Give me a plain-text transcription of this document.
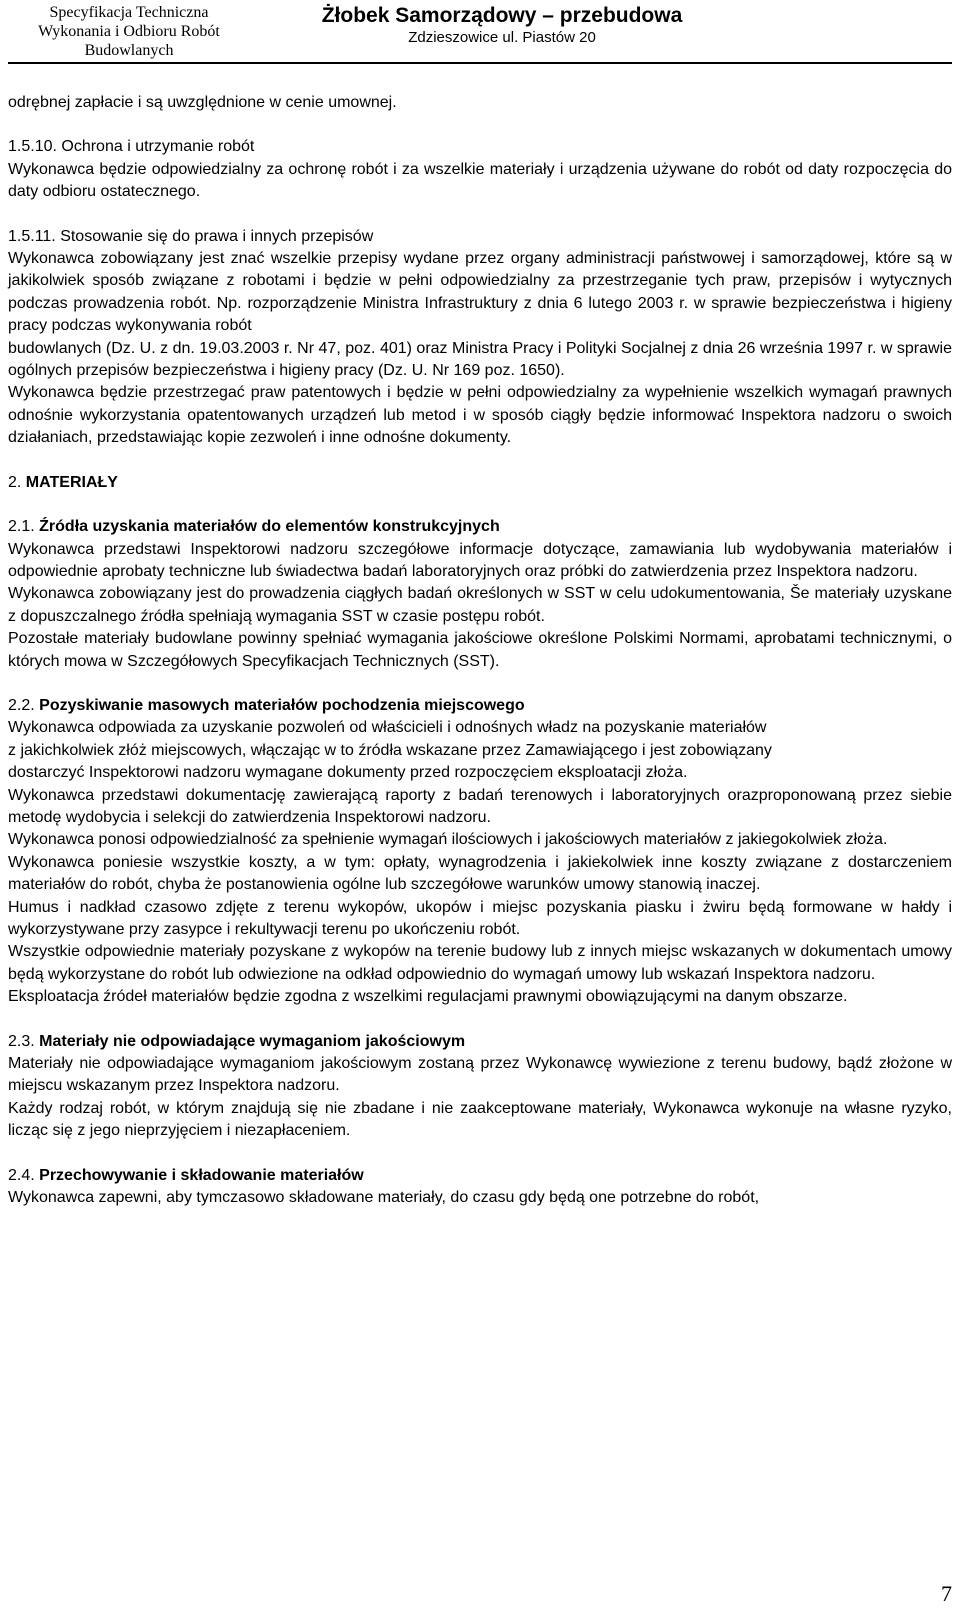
Specyfikacja Techniczna
Wykonania i Odbioru Robót
Budowlanych
Żłobek Samorządowy – przebudowa
Zdzieszowice ul. Piastów 20

odrębnej zapłacie i są uwzględnione w cenie umownej.

1.5.10. Ochrona i utrzymanie robót

Wykonawca będzie odpowiedzialny za ochronę robót i za wszelkie materiały i urządzenia używane do robót od daty rozpoczęcia do daty odbioru ostatecznego.

1.5.11. Stosowanie się do prawa i innych przepisów

Wykonawca zobowiązany jest znać wszelkie przepisy wydane przez organy administracji państwowej i samorządowej, które są w jakikolwiek sposób związane z robotami i będzie w pełni odpowiedzialny za przestrzeganie tych praw, przepisów i wytycznych podczas prowadzenia robót. Np. rozporządzenie Ministra Infrastruktury z dnia 6 lutego 2003 r. w sprawie bezpieczeństwa i higieny pracy podczas wykonywania robót

budowlanych (Dz. U. z dn. 19.03.2003 r. Nr 47, poz. 401) oraz Ministra Pracy i Polityki Socjalnej z dnia 26 września 1997 r. w sprawie ogólnych przepisów bezpieczeństwa i higieny pracy (Dz. U. Nr 169 poz. 1650).

Wykonawca będzie przestrzegać praw patentowych i będzie w pełni odpowiedzialny za wypełnienie wszelkich wymagań prawnych odnośnie wykorzystania opatentowanych urządzeń lub metod i w sposób ciągły będzie informować Inspektora nadzoru o swoich działaniach, przedstawiając kopie zezwoleń i inne odnośne dokumenty.

2. MATERIAŁY

2.1. Źródła uzyskania materiałów do elementów konstrukcyjnych

Wykonawca przedstawi Inspektorowi nadzoru szczegółowe informacje dotyczące, zamawiania lub wydobywania materiałów i odpowiednie aprobaty techniczne lub świadectwa badań laboratoryjnych oraz próbki do zatwierdzenia przez Inspektora nadzoru.

Wykonawca zobowiązany jest do prowadzenia ciągłych badań określonych w SST w celu udokumentowania, Še materiały uzyskane z dopuszczalnego źródła spełniają wymagania SST w czasie postępu robót.

Pozostałe materiały budowlane powinny spełniać wymagania jakościowe określone Polskimi Normami, aprobatami technicznymi, o których mowa w Szczegółowych Specyfikacjach Technicznych (SST).

2.2. Pozyskiwanie masowych materiałów pochodzenia miejscowego

Wykonawca odpowiada za uzyskanie pozwoleń od właścicieli i odnośnych władz na pozyskanie materiałów

z jakichkolwiek złóż miejscowych, włączając w to źródła wskazane przez Zamawiającego i jest zobowiązany

dostarczyć Inspektorowi nadzoru wymagane dokumenty przed rozpoczęciem eksploatacji złoża.

Wykonawca przedstawi dokumentację zawierającą raporty z badań terenowych i laboratoryjnych orazproponowaną przez siebie metodę wydobycia i selekcji do zatwierdzenia Inspektorowi nadzoru.

Wykonawca ponosi odpowiedzialność za spełnienie wymagań ilościowych i jakościowych materiałów z jakiegokolwiek złoża.

Wykonawca poniesie wszystkie koszty, a w tym: opłaty, wynagrodzenia i jakiekolwiek inne koszty związane z dostarczeniem materiałów do robót, chyba że postanowienia ogólne lub szczegółowe warunków umowy stanowią inaczej.

Humus i nadkład czasowo zdjęte z terenu wykopów, ukopów i miejsc pozyskania piasku i żwiru będą formowane w hałdy i wykorzystywane przy zasypce i rekultywacji terenu po ukończeniu robót.

Wszystkie odpowiednie materiały pozyskane z wykopów na terenie budowy lub z innych miejsc wskazanych w dokumentach umowy będą wykorzystane do robót lub odwiezione na odkład odpowiednio do wymagań umowy lub wskazań Inspektora nadzoru.

Eksploatacja źródeł materiałów będzie zgodna z wszelkimi regulacjami prawnymi obowiązującymi na danym obszarze.

2.3. Materiały nie odpowiadające wymaganiom jakościowym

Materiały nie odpowiadające wymaganiom jakościowym zostaną przez Wykonawcę wywiezione z terenu budowy, bądź złożone w miejscu wskazanym przez Inspektora nadzoru.

Każdy rodzaj robót, w którym znajdują się nie zbadane i nie zaakceptowane materiały, Wykonawca wykonuje na własne ryzyko, licząc się z jego nieprzyjęciem i niezapłaceniem.

2.4. Przechowywanie i składowanie materiałów

Wykonawca zapewni, aby tymczasowo składowane materiały, do czasu gdy będą one potrzebne do robót,

7
